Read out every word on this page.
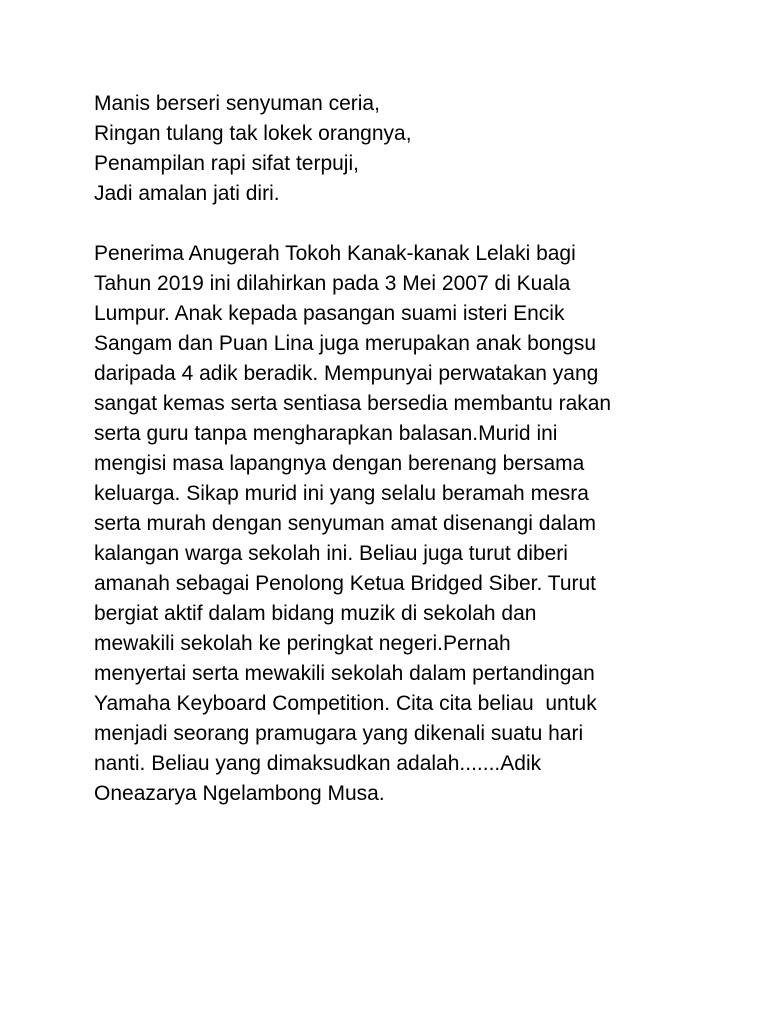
Manis berseri senyuman ceria,

Ringan tulang tak lokek orangnya,

Penampilan rapi sifat terpuji,

Jadi amalan jati diri.

Penerima Anugerah Tokoh Kanak-kanak Lelaki bagi

Tahun 2019 ini dilahirkan pada 3 Mei 2007 di Kuala

Lumpur. Anak kepada pasangan suami isteri Encik

Sangam dan Puan Lina juga merupakan anak bongsu

daripada 4 adik beradik. Mempunyai perwatakan yang

sangat kemas serta sentiasa bersedia membantu rakan

serta guru tanpa mengharapkan balasan.Murid ini

mengisi masa lapangnya dengan berenang bersama

keluarga. Sikap murid ini yang selalu beramah mesra

serta murah dengan senyuman amat disenangi dalam

kalangan warga sekolah ini. Beliau juga turut diberi

amanah sebagai Penolong Ketua Bridged Siber. Turut

bergiat aktif dalam bidang muzik di sekolah dan

mewakili sekolah ke peringkat negeri.Pernah

menyertai serta mewakili sekolah dalam pertandingan

Yamaha Keyboard Competition. Cita cita beliau  untuk

menjadi seorang pramugara yang dikenali suatu hari

nanti. Beliau yang dimaksudkan adalah.......Adik

Oneazarya Ngelambong Musa.
